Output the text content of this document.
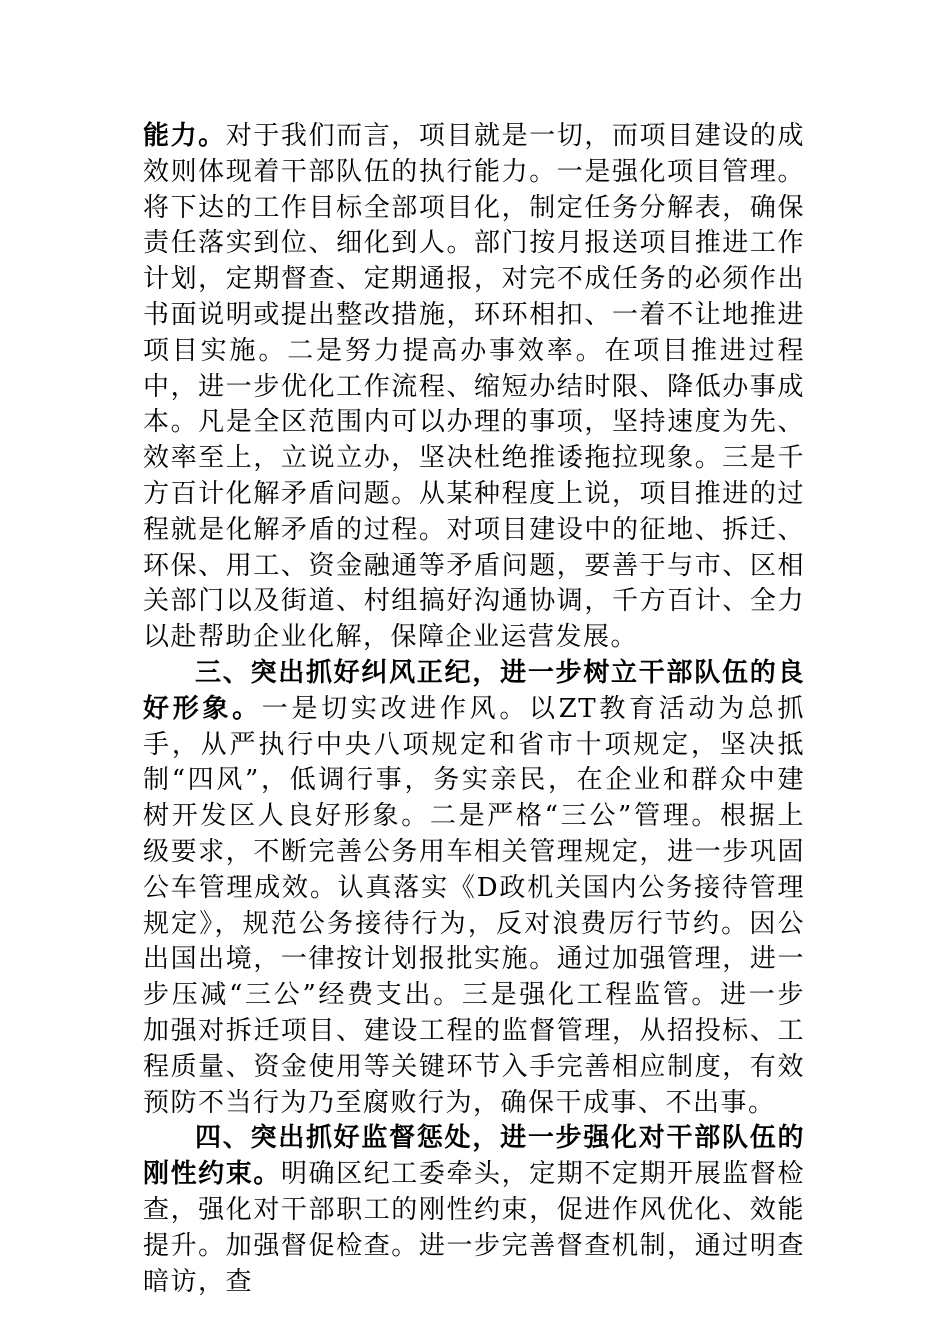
能力。对于我们而言，项目就是一切，而项目建设的成效则体现着干部队伍的执行能力。一是强化项目管理。将下达的工作目标全部项目化，制定任务分解表，确保责任落实到位、细化到人。部门按月报送项目推进工作计划，定期督查、定期通报，对完不成任务的必须作出书面说明或提出整改措施，环环相扣、一着不让地推进项目实施。二是努力提高办事效率。在项目推进过程中，进一步优化工作流程、缩短办结时限、降低办事成本。凡是全区范围内可以办理的事项，坚持速度为先、效率至上，立说立办，坚决杜绝推诿拖拉现象。三是千方百计化解矛盾问题。从某种程度上说，项目推进的过程就是化解矛盾的过程。对项目建设中的征地、拆迁、环保、用工、资金融通等矛盾问题，要善于与市、区相关部门以及街道、村组搞好沟通协调，千方百计、全力以赴帮助企业化解，保障企业运营发展。

三、突出抓好纠风正纪，进一步树立干部队伍的良好形象。一是切实改进作风。以ZT教育活动为总抓手，从严执行中央八项规定和省市十项规定，坚决抵制“四风”，低调行事，务实亲民，在企业和群众中建树开发区人良好形象。二是严格“三公”管理。根据上级要求，不断完善公务用车相关管理规定，进一步巩固公车管理成效。认真落实《D政机关国内公务接待管理规定》，规范公务接待行为，反对浪费厉行节约。因公出国出境，一律按计划报批实施。通过加强管理，进一步压减“三公”经费支出。三是强化工程监管。进一步加强对拆迁项目、建设工程的监督管理，从招投标、工程质量、资金使用等关键环节入手完善相应制度，有效预防不当行为乃至腐败行为，确保干成事、不出事。

四、突出抓好监督惩处，进一步强化对干部队伍的刚性约束。明确区纪工委牵头，定期不定期开展监督检查，强化对干部职工的刚性约束，促进作风优化、效能提升。加强督促检查。进一步完善督查机制，通过明查暗访，查
